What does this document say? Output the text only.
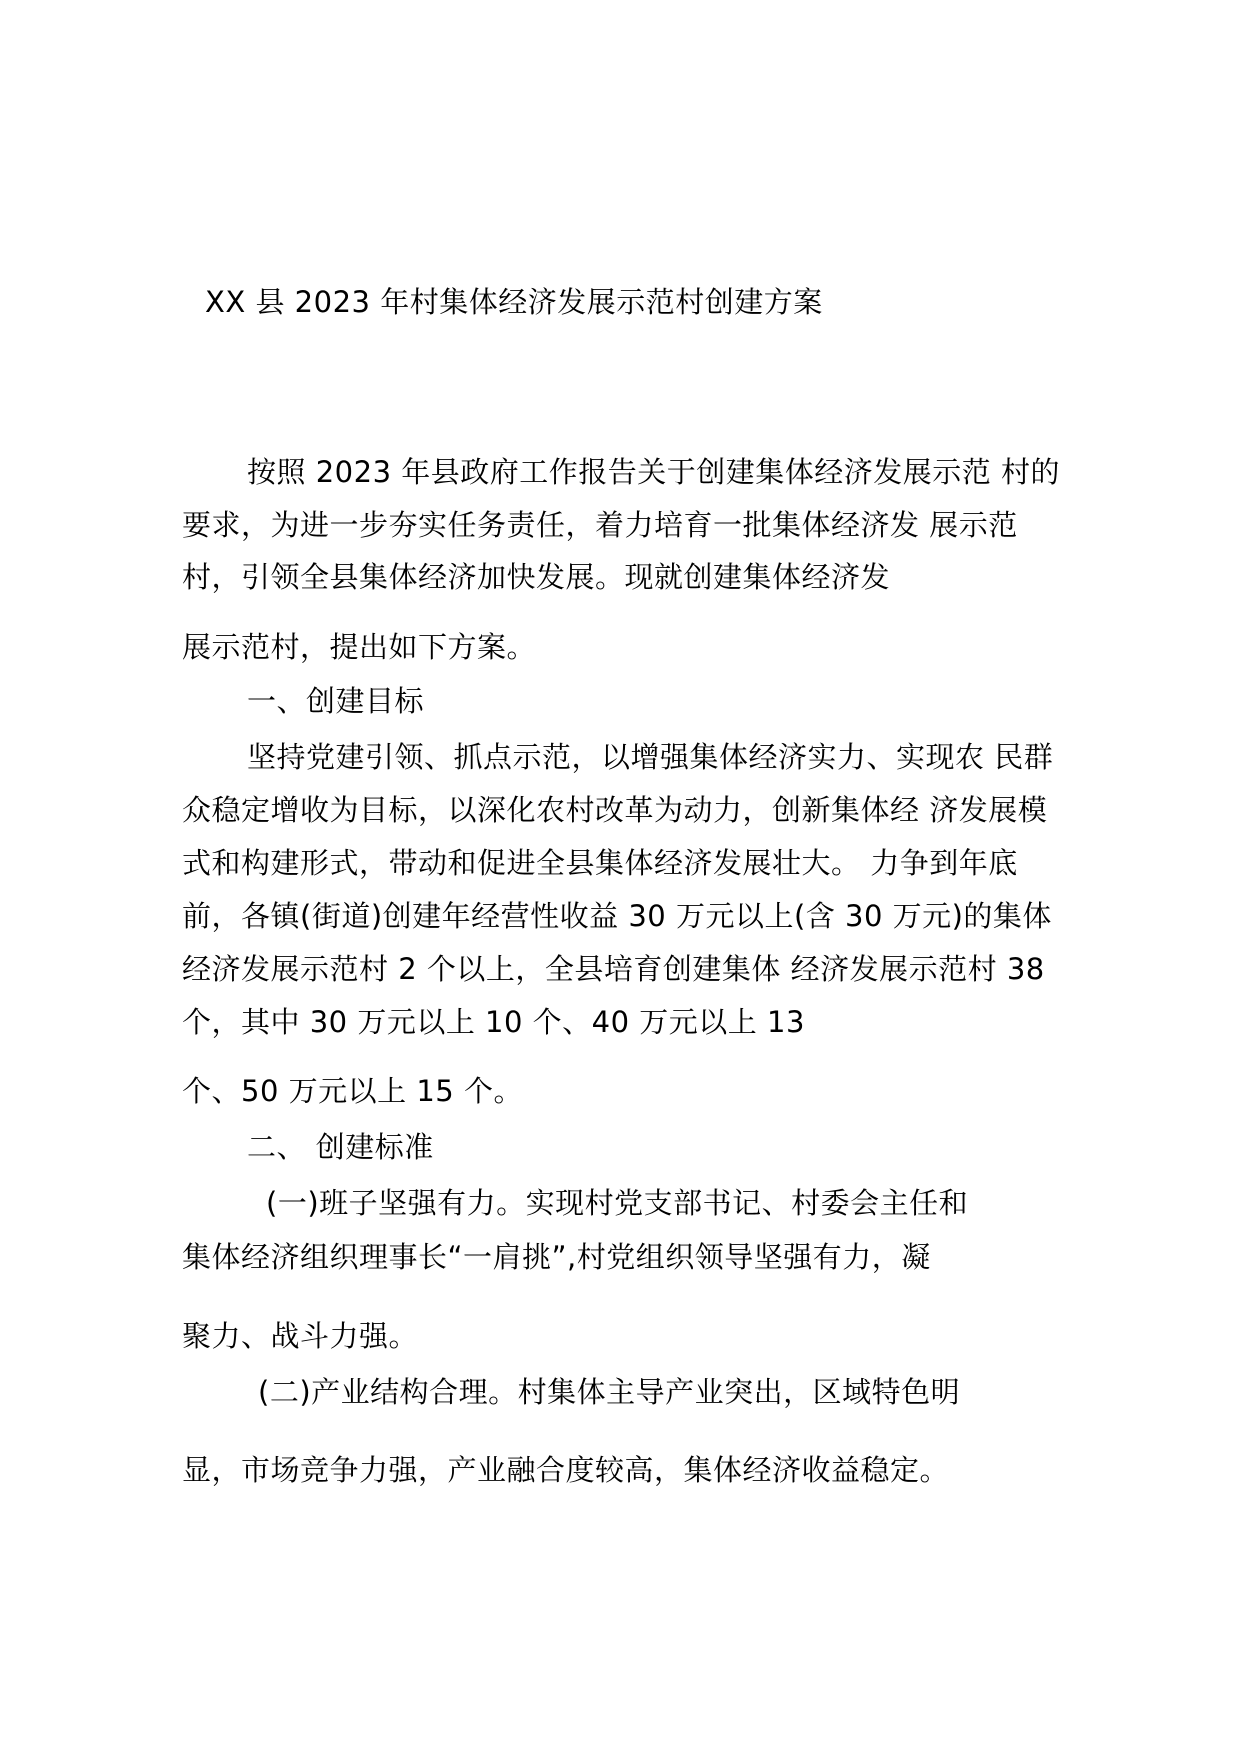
XX 县 2023 年村集体经济发展示范村创建方案
按照 2023 年县政府工作报告关于创建集体经济发展示范 村的
要求，为进一步夯实任务责任，着力培育一批集体经济发 展示范
村，引领全县集体经济加快发展。现就创建集体经济发
展示范村，提出如下方案。
一、创建目标
坚持党建引领、抓点示范，以增强集体经济实力、实现农 民群
众稳定增收为目标，以深化农村改革为动力，创新集体经 济发展模
式和构建形式，带动和促进全县集体经济发展壮大。 力争到年底
前，各镇(街道)创建年经营性收益 30 万元以上(含 30 万元)的集体
经济发展示范村 2 个以上，全县培育创建集体 经济发展示范村 38
个，其中 30 万元以上 10 个、40 万元以上 13
个、50 万元以上 15 个。
二、 创建标准
(一)班子坚强有力。实现村党支部书记、村委会主任和
集体经济组织理事长“一肩挑”,村党组织领导坚强有力，凝
聚力、战斗力强。
(二)产业结构合理。村集体主导产业突出，区域特色明
显，市场竞争力强，产业融合度较高，集体经济收益稳定。
